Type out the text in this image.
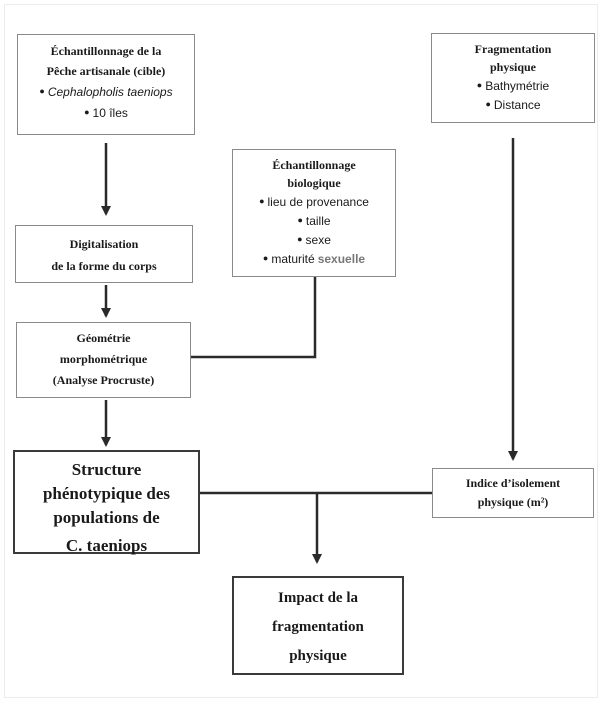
Échantillonnage de la
Pêche artisanale (cible)
● Cephalopholis taeniops
● 10 îles
Fragmentation
physique
● Bathymétrie
● Distance
Échantillonnage
biologique
● lieu de provenance
● taille
● sexe
● maturité sexuelle
Digitalisation
de la forme du corps
Géométrie
morphométrique
(Analyse Procruste)
Structure
phénotypique des
populations de
C. taeniops
Indice d’isolement
physique (m²)
Impact de la
fragmentation
physique
